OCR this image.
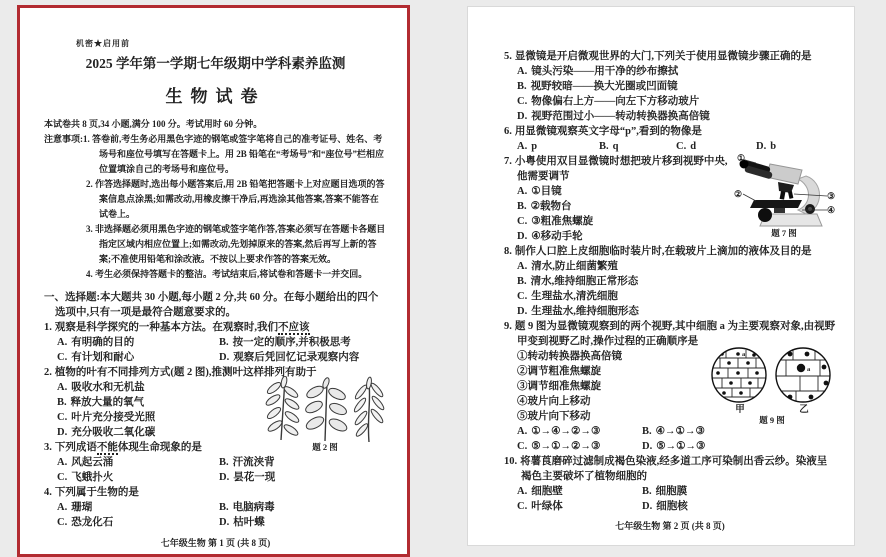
机密★启用前
2025 学年第一学期七年级期中学科素养监测
生物试卷
本试卷共 8 页,34 小题,满分 100 分。考试用时 60 分钟。
注意事项:1. 答卷前,考生务必用黑色字迹的钢笔或签字笔将自己的准考证号、姓名、考场号和座位号填写在答题卡上。用 2B 铅笔在“考场号”和“座位号”栏相应位置填涂自己的考场号和座位号。
2. 作答选择题时,选出每小题答案后,用 2B 铅笔把答题卡上对应题目选项的答案信息点涂黑;如需改动,用橡皮擦干净后,再选涂其他答案,答案不能答在试卷上。
3. 非选择题必须用黑色字迹的钢笔或签字笔作答,答案必须写在答题卡各题目指定区域内相应位置上;如需改动,先划掉原来的答案,然后再写上新的答案;不准使用铅笔和涂改液。不按以上要求作答的答案无效。
4. 考生必须保持答题卡的整洁。考试结束后,将试卷和答题卡一并交回。
一、选择题:本大题共 30 小题,每小题 2 分,共 60 分。在每小题给出的四个选项中,只有一项是最符合题意要求的。
1. 观察是科学探究的一种基本方法。在观察时,我们不应该
A. 有明确的目的	B. 按一定的顺序,并积极思考
C. 有计划和耐心	D. 观察后凭回忆记录观察内容
2. 植物的叶有不同排列方式(题 2 图),推测叶这样排列有助于
题 2 图
A. 吸收水和无机盐
B. 释放大量的氧气
C. 叶片充分接受光照
D. 充分吸收二氧化碳
3. 下列成语不能体现生命现象的是
A. 风起云涌	B. 汗流浃背
C. 飞蛾扑火	D. 昙花一现
4. 下列属于生物的是
A. 珊瑚	B. 电脑病毒
C. 恐龙化石	D. 枯叶蝶
七年级生物 第 1 页 (共 8 页)
5. 显微镜是开启微观世界的大门,下列关于使用显微镜步骤正确的是
A. 镜头污染——用干净的纱布擦拭
B. 视野较暗——换大光圈或凹面镜
C. 物像偏右上方——向左下方移动玻片
D. 视野范围过小——转动转换器换高倍镜
6. 用显微镜观察英文字母“p”,看到的物像是
A. p	B. q	C. d	D. b
①
②	③
④
题 7 图
7. 小粤使用双目显微镜时想把玻片移到视野中央,他需要调节
A. ①目镜
B. ②载物台
C. ③粗准焦螺旋
D. ④移动手轮
8. 制作人口腔上皮细胞临时装片时,在载玻片上滴加的液体及目的是
A. 清水,防止细菌繁殖
B. 清水,维持细胞正常形态
C. 生理盐水,清洗细胞
D. 生理盐水,维持细胞形态
9. 题 9 图为显微镜观察到的两个视野,其中细胞 a 为主要观察对象,由视野甲变到视野乙时,操作过程的正确顺序是
a
a
甲	乙
题 9 图
①转动转换器换高倍镜
②调节粗准焦螺旋
③调节细准焦螺旋
④玻片向上移动
⑤玻片向下移动
A. ①→④→②→③	B. ④→①→③
C. ⑤→①→②→③	D. ⑤→①→③
10. 将薯莨磨碎过滤制成褐色染液,经多道工序可染制出香云纱。染液呈褐色主要破坏了植物细胞的
A. 细胞壁	B. 细胞膜
C. 叶绿体	D. 细胞核
七年级生物 第 2 页 (共 8 页)
